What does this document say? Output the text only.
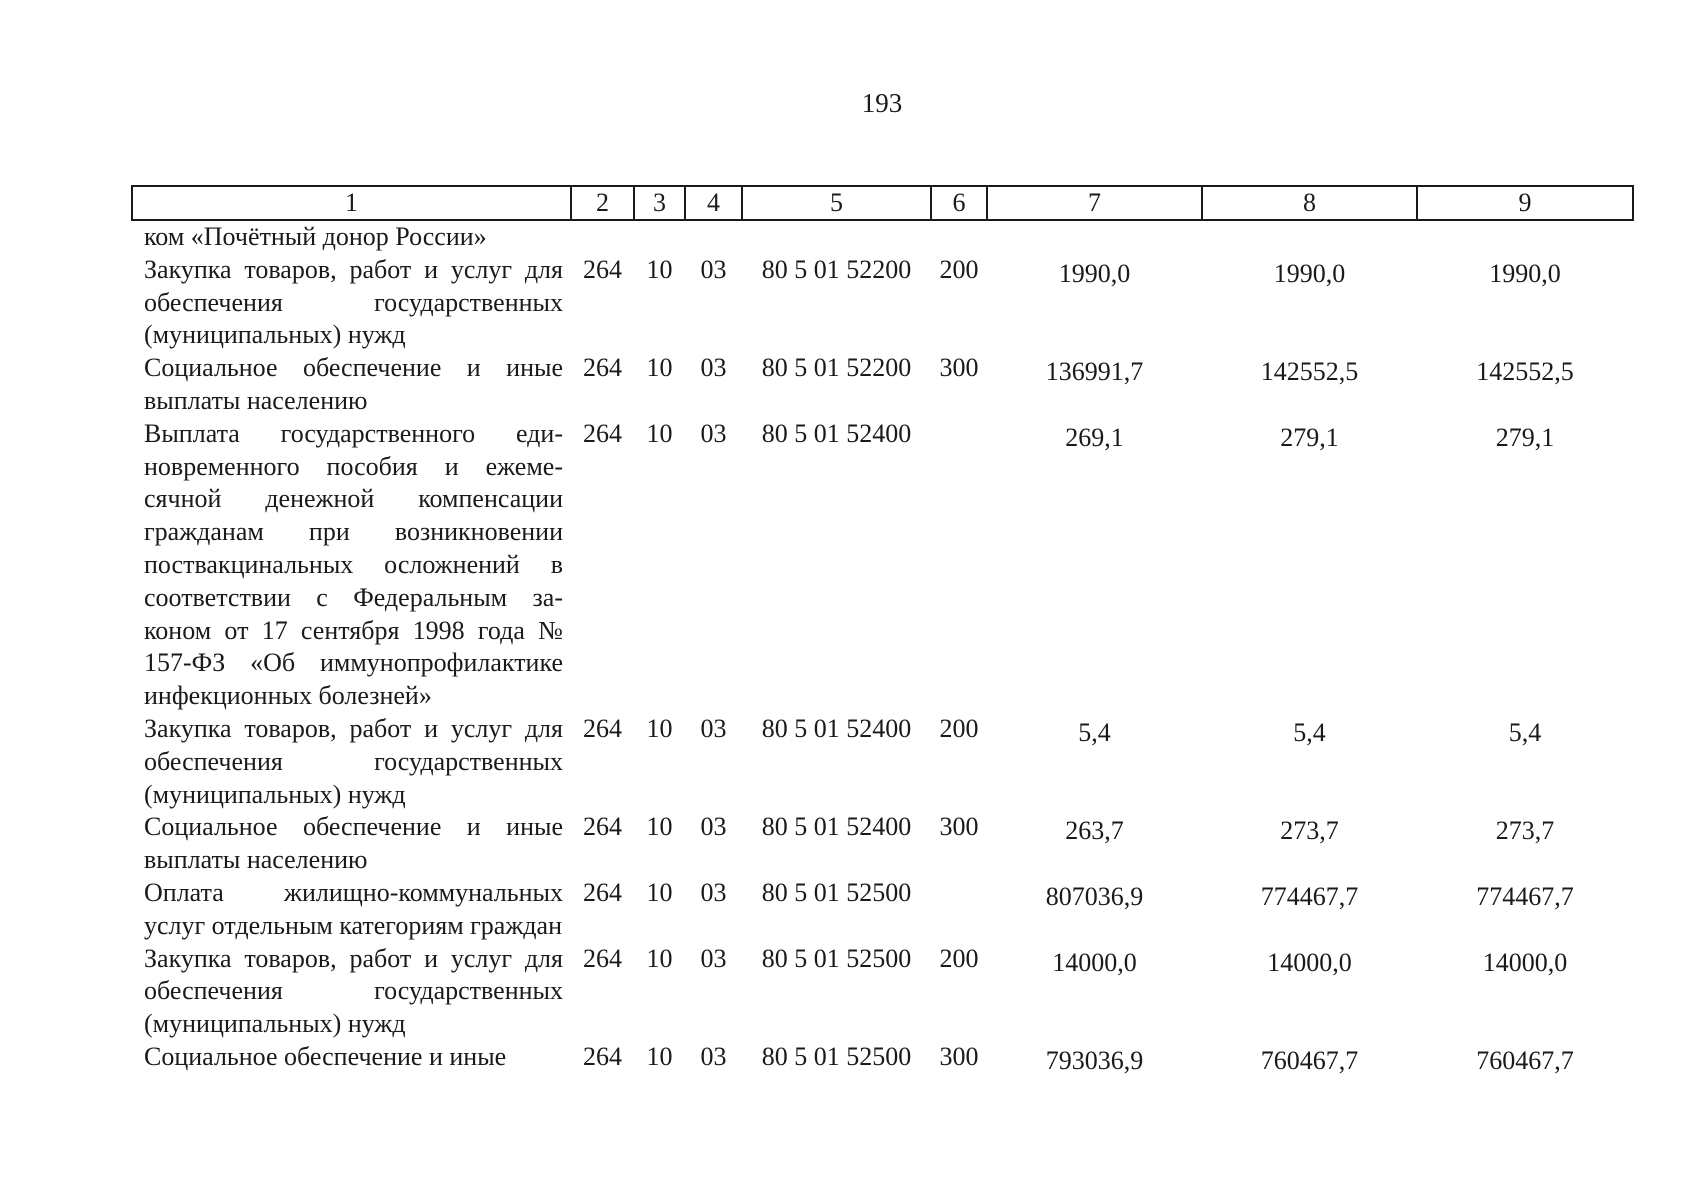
193
1	2	3	4	5	6	7	8	9
ком «Почётный донор России»								
Закупка товаров, работ и услуг для обеспечения государственных (муниципальных) нужд	264	10	03	80 5 01 52200	200	1990,0	1990,0	1990,0
Социальное обеспечение и иные выплаты населению	264	10	03	80 5 01 52200	300	136991,7	142552,5	142552,5
Выплата государственного единовременного пособия и ежемесячной денежной компенсации гражданам при возникновении поствакцинальных осложнений в соответствии с Федеральным законом от 17 сентября 1998 года № 157-ФЗ «Об иммунопрофилактике инфекционных болезней»	264	10	03	80 5 01 52400		269,1	279,1	279,1
Закупка товаров, работ и услуг для обеспечения государственных (муниципальных) нужд	264	10	03	80 5 01 52400	200	5,4	5,4	5,4
Социальное обеспечение и иные выплаты населению	264	10	03	80 5 01 52400	300	263,7	273,7	273,7
Оплата жилищно-коммунальных услуг отдельным категориям граждан	264	10	03	80 5 01 52500		807036,9	774467,7	774467,7
Закупка товаров, работ и услуг для обеспечения государственных (муниципальных) нужд	264	10	03	80 5 01 52500	200	14000,0	14000,0	14000,0
Социальное обеспечение и иные	264	10	03	80 5 01 52500	300	793036,9	760467,7	760467,7
